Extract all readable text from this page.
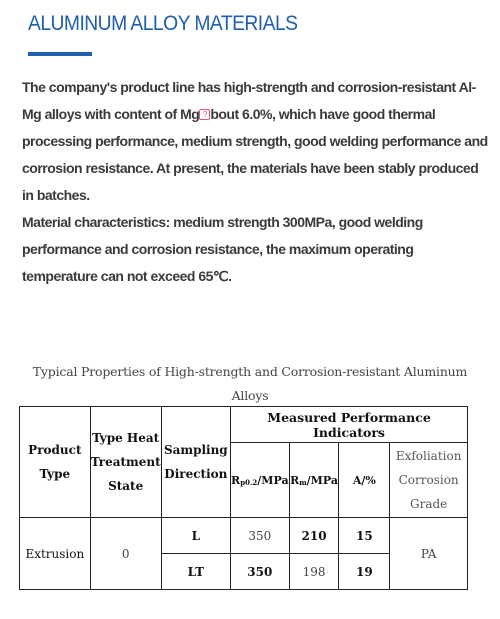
ALUMINUM ALLOY MATERIALS

The company's product line has high-strength and corrosion-resistant Al-Mg alloys with content of Mg ? bout 6.0%, which have good thermal processing performance, medium strength, good welding performance and corrosion resistance. At present, the materials have been stably produced in batches.

Material characteristics: medium strength 300MPa, good welding performance and corrosion resistance, the maximum operating temperature can not exceed 65℃.

Typical Properties of High-strength and Corrosion-resistant Aluminum Alloys
Product Type	Type Heat Treatment State	Sampling Direction	Measured Performance Indicators			
			Rp0.2/MPa	Rm/MPa	A/%	Exfoliation Corrosion Grade
Extrusion	0	L	350	210	15	PA
		LT	350	198	19	
